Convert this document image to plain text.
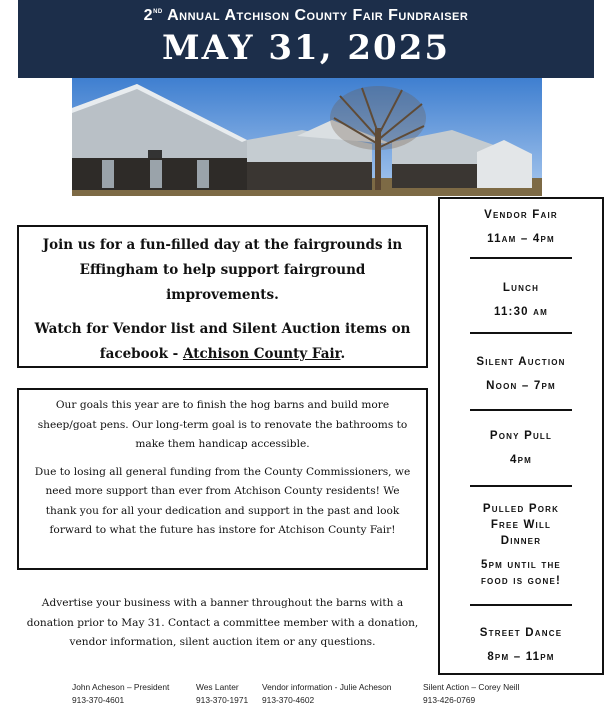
2nd Annual Atchison County Fair Fundraiser
MAY 31, 2025

Join us for a fun-filled day at the fairgrounds in Effingham to help support fairground improvements.

Watch for Vendor list and Silent Auction items on facebook - Atchison County Fair.

Our goals this year are to finish the hog barns and build more sheep/goat pens. Our long-term goal is to renovate the bathrooms to make them handicap accessible.

Due to losing all general funding from the County Commissioners, we need more support than ever from Atchison County residents! We thank you for all your dedication and support in the past and look forward to what the future has instore for Atchison County Fair!

Advertise your business with a banner throughout the barns with a donation prior to May 31. Contact a committee member with a donation, vendor information, silent auction item or any questions.
Vendor Fair
11am – 4pm
Lunch
11:30 am
Silent Auction
Noon – 7pm
Pony Pull
4pm
Pulled Pork
Free Will
Dinner
5pm until the
food is gone!
Street Dance
8pm – 11pm
John Acheson – President
913-370-4601
Wes Lanter
913-370-1971
Vendor information - Julie Acheson
913-370-4602
Silent Action – Corey Neill
913-426-0769
